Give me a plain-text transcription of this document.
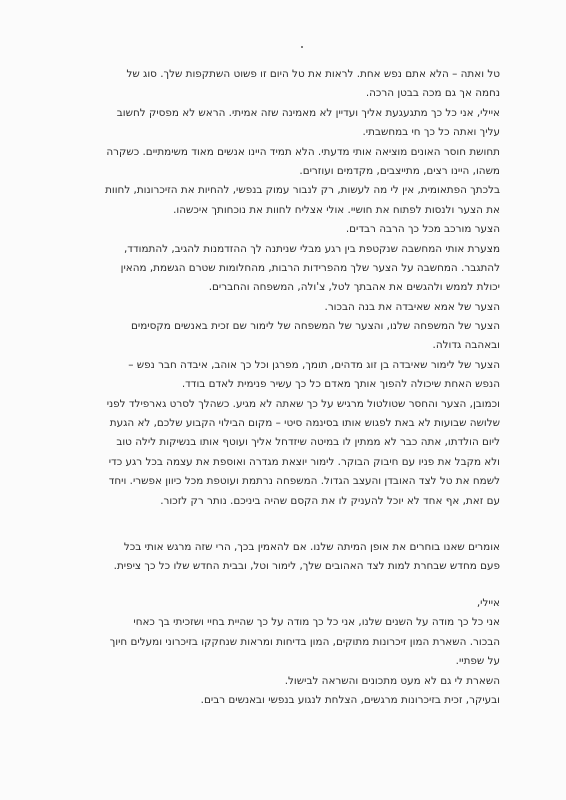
טל ואתה – הלא אתם נפש אחת. לראות את טל היום זו פשוט השתקפות שלך. סוג של
נחמה אך גם מכה בבטן הרכה.
איילי, אני כל כך מתגעגעת אליך ועדיין לא מאמינה שזה אמיתי. הראש לא מפסיק לחשוב
עליך ואתה כל כך חי במחשבתי.
תחושת חוסר האונים מוציאה אותי מדעתי. הלא תמיד היינו אנשים מאוד משימתיים. כשקרה
משהו, היינו רצים, מתייצבים, מקדמים ועוזרים.
בלכתך הפתאומית, אין לי מה לעשות, רק לנבור עמוק בנפשי, להחיות את הזיכרונות, לחוות
את הצער ולנסות לפתוח את חושיי. אולי אצליח לחוות את נוכחותך איכשהו.
הצער מורכב מכל כך הרבה רבדים.
מצערת אותי המחשבה שנקטפת בין רגע מבלי שניתנה לך ההזדמנות להגיב, להתמודד,
להתגבר. המחשבה על הצער שלך מהפרידות הרבות, מהחלומות שטרם הגשמת, מהאין
יכולת לממש ולהגשים את אהבתך לטל, צ'ולה, המשפחה והחברים.
הצער של אמא שאיבדה את בנה הבכור.
הצער של המשפחה שלנו, והצער של המשפחה של לימור שם זכית באנשים מקסימים
ובאהבה גדולה.
הצער של לימור שאיבדה בן זוג מדהים, תומך, מפרגן וכל כך אוהב, איבדה חבר נפש –
הנפש האחת שיכולה להפוך אותך מאדם כל כך עשיר פנימית לאדם בודד.
וכמובן, הצער והחסר שטולטול מרגיש על כך שאתה לא מגיע. כשהלך לסרט גארפילד לפני
שלושה שבועות לא באת לפגוש אותו בסינמה סיטי – מקום הבילוי הקבוע שלכם, לא הגעת
ליום הולדתו, אתה כבר לא ממתין לו במיטה שיזדחל אליך ועוטף אותו בנשיקות לילה טוב
ולא מקבל את פניו עם חיבוק הבוקר. לימור יוצאת מגדרה ואוספת את עצמה בכל רגע כדי
לשמח את טל לצד האובדן והעצב הגדול. המשפחה נרתמת ועוטפת מכל כיוון אפשרי. ויחד
עם זאת, אף אחד לא יוכל להעניק לו את הקסם שהיה ביניכם. נותר רק לזכור.
אומרים שאנו בוחרים את אופן המיתה שלנו. אם להאמין בכך, הרי שזה מרגש אותי בכל
פעם מחדש שבחרת למות לצד האהובים שלך, לימור וטל, ובבית החדש שלו כל כך ציפית.
איילי,
אני כל כך מודה על השנים שלנו, אני כל כך מודה על כך שהיית בחיי ושזכיתי בך כאחי
הבכור. השארת המון זיכרונות מתוקים, המון בדיחות ומראות שנחקקו בזיכרוני ומעלים חיוך
על שפתיי.
השארת לי גם לא מעט מתכונים והשראה לבישול.
ובעיקר, זכית בזיכרונות מרגשים, הצלחת לנגוע בנפשי ובאנשים רבים.
